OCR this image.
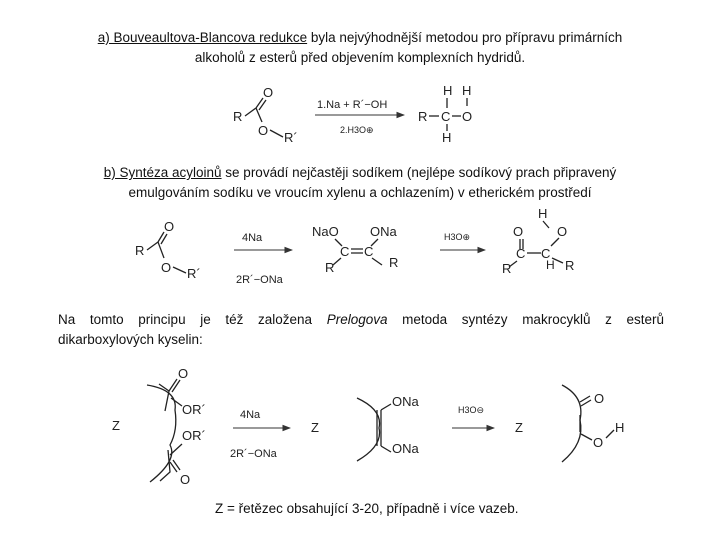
a) Bouveaultova-Blancova redukce byla nejvýhodnější metodou pro přípravu primárních
alkoholů z esterů před objevením komplexních hydridů.
b) Syntéza acyloinů se provádí nejčastěji sodíkem (nejlépe sodíkový prach připravený
emulgováním sodíku ve vroucím xylenu a ochlazením) v etherickém prostředí
Na tomto principu je též založena Prelogova metoda syntézy makrocyklů z esterů
dikarboxylových kyselin:
Z = řetězec obsahující 3-20, případně i více vazeb.
R
O
O R´
1.Na + R´−OH
2.H3O⊕
H
R C O
H
H
R
O
O R´
4Na
2R´−ONa
NaO ONa
C C
R	R
H3O⊕
H
O	O
C C
H
R	R
Z
O
OR´
OR´
O
4Na
2R´−ONa
Z
ONa
ONa
H3O⊖
Z
O
O
H
